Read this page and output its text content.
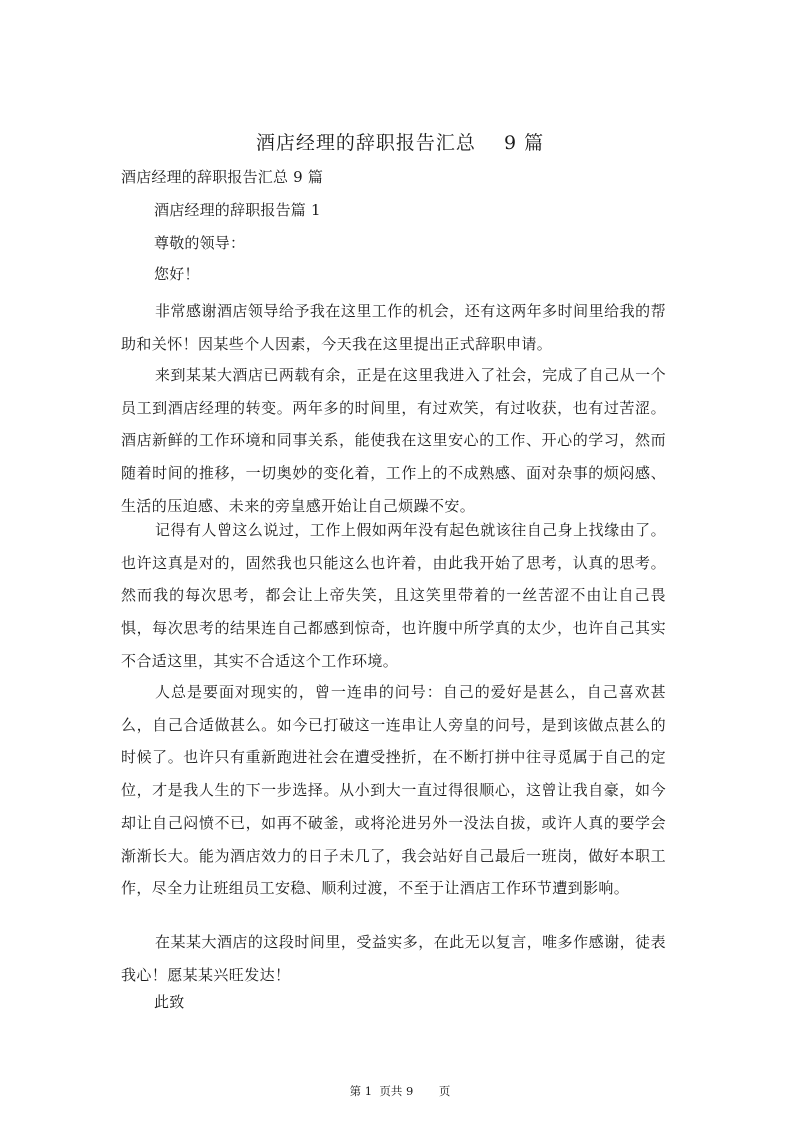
酒店经理的辞职报告汇总    9 篇
酒店经理的辞职报告汇总 9 篇
酒店经理的辞职报告篇 1
尊敬的领导：
您好！
非常感谢酒店领导给予我在这里工作的机会，还有这两年多时间里给我的帮助和关怀！因某些个人因素，今天我在这里提出正式辞职申请。
来到某某大酒店已两载有余，正是在这里我进入了社会，完成了自己从一个员工到酒店经理的转变。两年多的时间里，有过欢笑，有过收获，也有过苦涩。酒店新鲜的工作环境和同事关系，能使我在这里安心的工作、开心的学习，然而随着时间的推移，一切奥妙的变化着，工作上的不成熟感、面对杂事的烦闷感、生活的压迫感、未来的旁皇感开始让自己烦躁不安。
记得有人曾这么说过，工作上假如两年没有起色就该往自己身上找缘由了。也许这真是对的，固然我也只能这么也许着，由此我开始了思考，认真的思考。然而我的每次思考，都会让上帝失笑，且这笑里带着的一丝苦涩不由让自己畏惧，每次思考的结果连自己都感到惊奇，也许腹中所学真的太少，也许自己其实不合适这里，其实不合适这个工作环境。
人总是要面对现实的，曾一连串的问号：自己的爱好是甚么，自己喜欢甚么，自己合适做甚么。如今已打破这一连串让人旁皇的问号，是到该做点甚么的时候了。也许只有重新跑进社会在遭受挫折，在不断打拼中往寻觅属于自己的定位，才是我人生的下一步选择。从小到大一直过得很顺心，这曾让我自豪，如今却让自己闷愤不已，如再不破釜，或将沦进另外一没法自拔，或许人真的要学会渐渐长大。能为酒店效力的日子未几了，我会站好自己最后一班岗，做好本职工作，尽全力让班组员工安稳、顺利过渡，不至于让酒店工作环节遭到影响。
在某某大酒店的这段时间里，受益实多，在此无以复言，唯多作感谢，徒表我心！愿某某兴旺发达！
此致
第 1  页共 9       页
